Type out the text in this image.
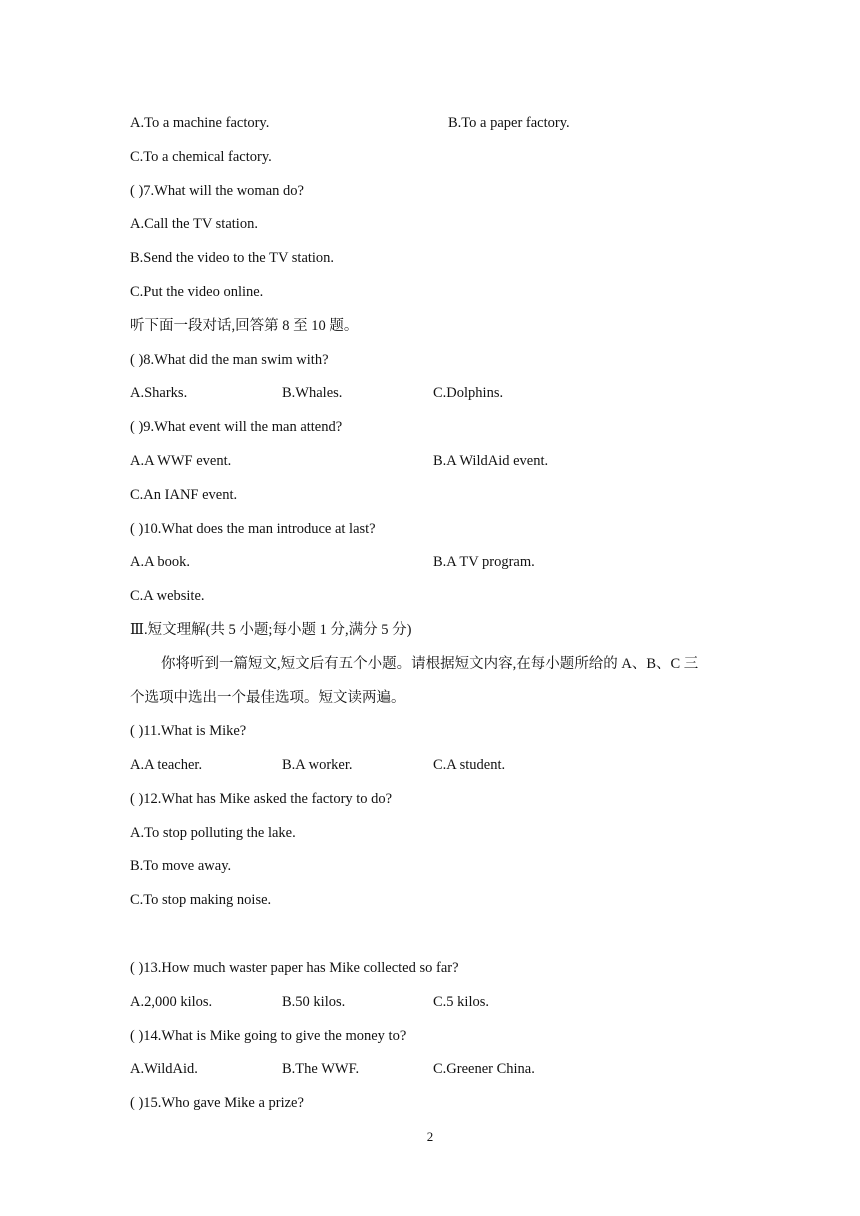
A.To a machine factory.	B.To a paper factory.
C.To a chemical factory.
( )7.What will the woman do?
A.Call the TV station.
B.Send the video to the TV station.
C.Put the video online.
听下面一段对话,回答第 8 至 10 题。
( )8.What did the man swim with?
A.Sharks.	B.Whales.	C.Dolphins.
( )9.What event will the man attend?
A.A WWF event.	B.A WildAid event.
C.An IANF event.
( )10.What does the man introduce at last?
A.A book.	B.A TV program.
C.A website.
Ⅲ.短文理解(共 5 小题;每小题 1 分,满分 5 分)
你将听到一篇短文,短文后有五个小题。请根据短文内容,在每小题所给的 A、B、C 三
个选项中选出一个最佳选项。短文读两遍。
( )11.What is Mike?
A.A teacher.	B.A worker.	C.A student.
( )12.What has Mike asked the factory to do?
A.To stop polluting the lake.
B.To move away.
C.To stop making noise.
( )13.How much waster paper has Mike collected so far?
A.2,000 kilos.	B.50 kilos.	C.5 kilos.
( )14.What is Mike going to give the money to?
A.WildAid.	B.The WWF.	C.Greener China.
( )15.Who gave Mike a prize?
2
